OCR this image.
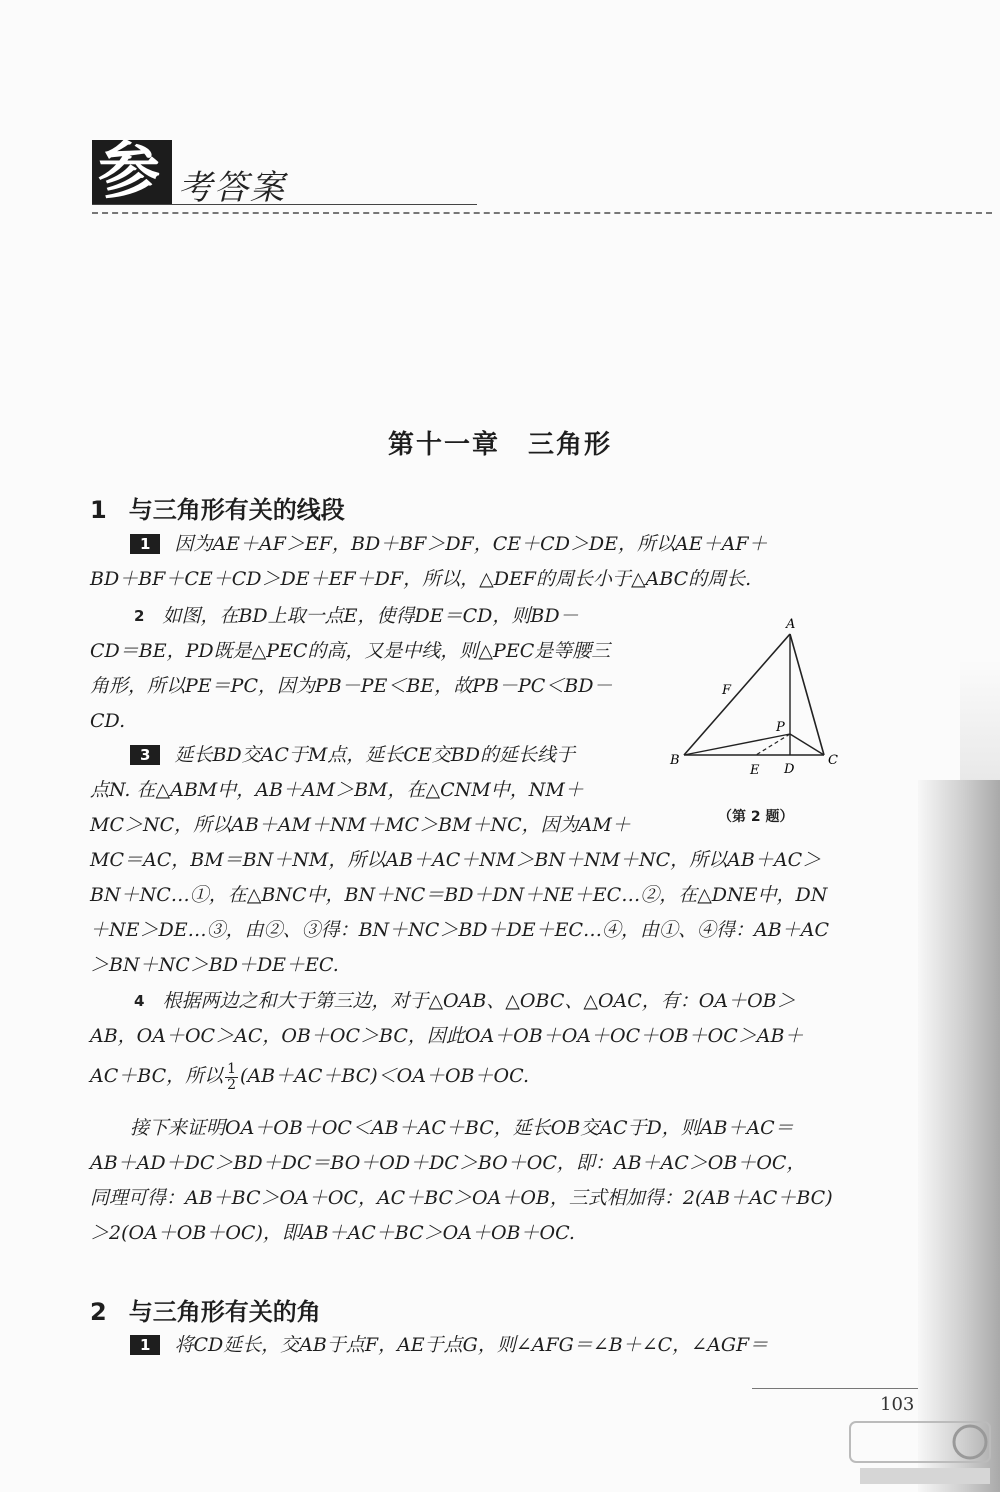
参 考答案
第十一章　三角形
1 与三角形有关的线段
1 因为AE＋AF＞EF，BD＋BF＞DF，CE＋CD＞DE，所以AE＋AF＋
BD＋BF＋CE＋CD＞DE＋EF＋DF，所以，△DEF的周长小于△ABC的周长.
2 如图，在BD上取一点E，使得DE＝CD，则BD－
CD＝BE，PD既是△PEC的高，又是中线，则△PEC是等腰三
角形，所以PE＝PC，因为PB－PE＜BE，故PB－PC＜BD－
CD.
A
B	C
D
E
F
P
（第 2 题）
3 延长BD交AC于M点，延长CE交BD的延长线于
点N. 在△ABM中，AB＋AM＞BM，在△CNM中，NM＋
MC＞NC，所以AB＋AM＋NM＋MC＞BM＋NC，因为AM＋
MC＝AC，BM＝BN＋NM，所以AB＋AC＋NM＞BN＋NM＋NC，所以AB＋AC＞
BN＋NC…①，在△BNC中，BN＋NC＝BD＋DN＋NE＋EC…②，在△DNE中，DN
＋NE＞DE…③，由②、③得：BN＋NC＞BD＋DE＋EC…④，由①、④得：AB＋AC
＞BN＋NC＞BD＋DE＋EC.
4 根据两边之和大于第三边，对于△OAB、△OBC、△OAC，有：OA＋OB＞
AB，OA＋OC＞AC，OB＋OC＞BC，因此OA＋OB＋OA＋OC＋OB＋OC＞AB＋
AC＋BC，所以 $\frac{1}{2} (AB+AC+BC)<OA+OB+OC$.
接下来证明OA＋OB＋OC＜AB＋AC＋BC，延长OB交AC于D，则AB＋AC＝
AB＋AD＋DC＞BD＋DC＝BO＋OD＋DC＞BO＋OC，即：AB＋AC＞OB＋OC，
同理可得：AB＋BC＞OA＋OC，AC＋BC＞OA＋OB，三式相加得：2(AB＋AC＋BC)
＞2(OA＋OB＋OC)，即AB＋AC＋BC＞OA＋OB＋OC.
2 与三角形有关的角
1 将CD延长，交AB于点F，AE于点G，则∠AFG＝∠B＋∠C，∠AGF＝
103
